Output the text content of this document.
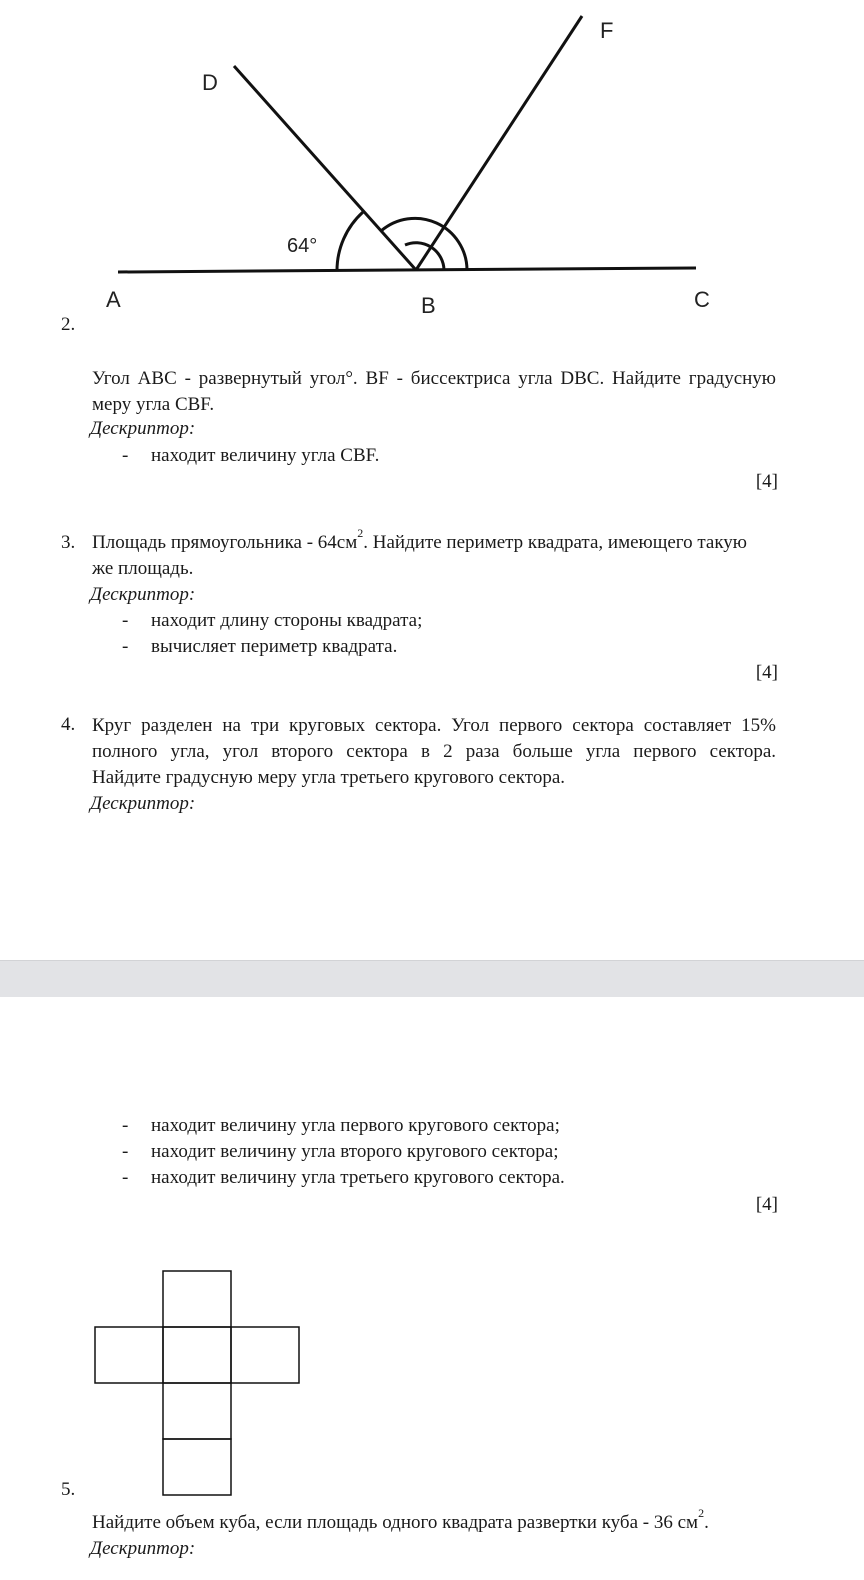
D
F
A	B	C
64°
2.
Угол ABC - развернутый угол°. BF - биссектриса угла DBC. Найдите градусную
меру угла CBF.
Дескриптор:
- находит величину угла CBF.
[4]
3. Площадь прямоугольника - $64см^2$. Найдите периметр квадрата, имеющего такую
же площадь.
Дескриптор:
- находит длину стороны квадрата;
- вычисляет периметр квадрата.
[4]
4. Круг разделен на три круговых сектора. Угол первого сектора составляет 15%
полного угла, угол второго сектора в 2 раза больше угла первого сектора.
Найдите градусную меру угла третьего кругового сектора.
Дескриптор:
- находит величину угла первого кругового сектора;
- находит величину угла второго кругового сектора;
- находит величину угла третьего кругового сектора.
[4]
5.
Найдите объем куба, если площадь одного квадрата развертки куба - 36 $см^2$.
Дескриптор:
